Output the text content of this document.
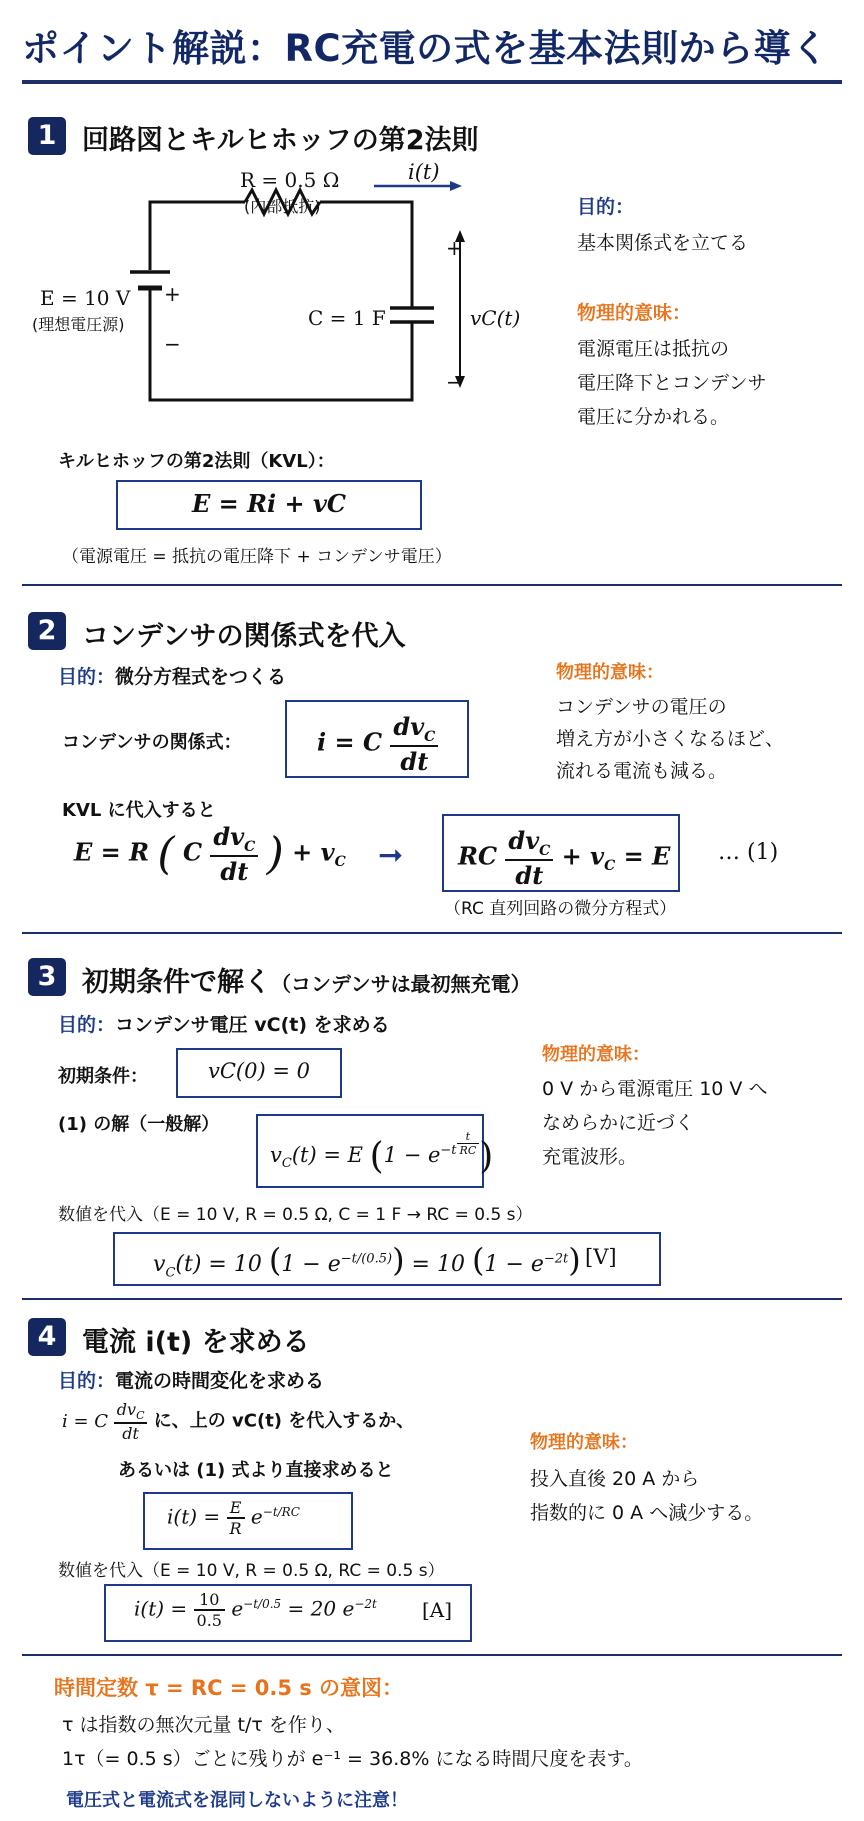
ポイント解説：RC充電の式を基本法則から導く
1 回路図とキルヒホッフの第2法則
R = 0.5 Ω
(内部抵抗)
i(t)
E = 10 V
(理想電圧源)
+
−
C = 1 F
+
−
vC(t)
目的：
基本関係式を立てる
物理的意味：
電源電圧は抵抗の
電圧降下とコンデンサ
電圧に分かれる。
キルヒホッフの第2法則（KVL）：
E = Ri + vC
（電源電圧 = 抵抗の電圧降下 + コンデンサ電圧）
2 コンデンサの関係式を代入
目的：微分方程式をつくる
コンデンサの関係式：	i = C $\frac{dv_C}{dt}$
物理的意味：
コンデンサの電圧の
増え方が小さくなるほど、
流れる電流も減る。
KVL に代入すると
E = R ( C $\frac{dv_C}{dt}$ ) + $v_C$ ➞ RC $\frac{dv_C}{dt} + v_C = E$ … (1)
（RC 直列回路の微分方程式）
3 初期条件で解く（コンデンサは最初無充電）
目的：コンデンサ電圧 vC(t) を求める
初期条件：	vC(0) = 0
(1) の解（一般解）
$v_C(t) = E$ ($1 - e^{-t} \frac{t}{RC}$ )
物理的意味：
0 V から電源電圧 10 V へ
なめらかに近づく
充電波形。
数値を代入（E = 10 V, R = 0.5 Ω, C = 1 F → RC = 0.5 s）
$v_C(t) = 10$ $(1 - e^{-t/(0.5)}) = 10$ $(1 - e^{-2t})$ [V]
4 電流 i(t) を求める
目的：電流の時間変化を求める
i = C $\frac{dv_C}{dt}$ に、上の vC(t) を代入するか、
あるいは (1) 式より直接求めると
$i(t) = \frac{E}{R} e^{-t/RC}$
物理的意味：
投入直後 20 A から
指数的に 0 A へ減少する。
数値を代入（E = 10 V, R = 0.5 Ω, RC = 0.5 s）
$i(t) = \frac{10}{0.5} e^{-t/0.5} = 20$ $e^{-2t}$ [A]
時間定数 τ = RC = 0.5 s の意図：
τ は指数の無次元量 t/τ を作り、
1τ（= 0.5 s）ごとに残りが e⁻¹ = 36.8% になる時間尺度を表す。
電圧式と電流式を混同しないように注意！
